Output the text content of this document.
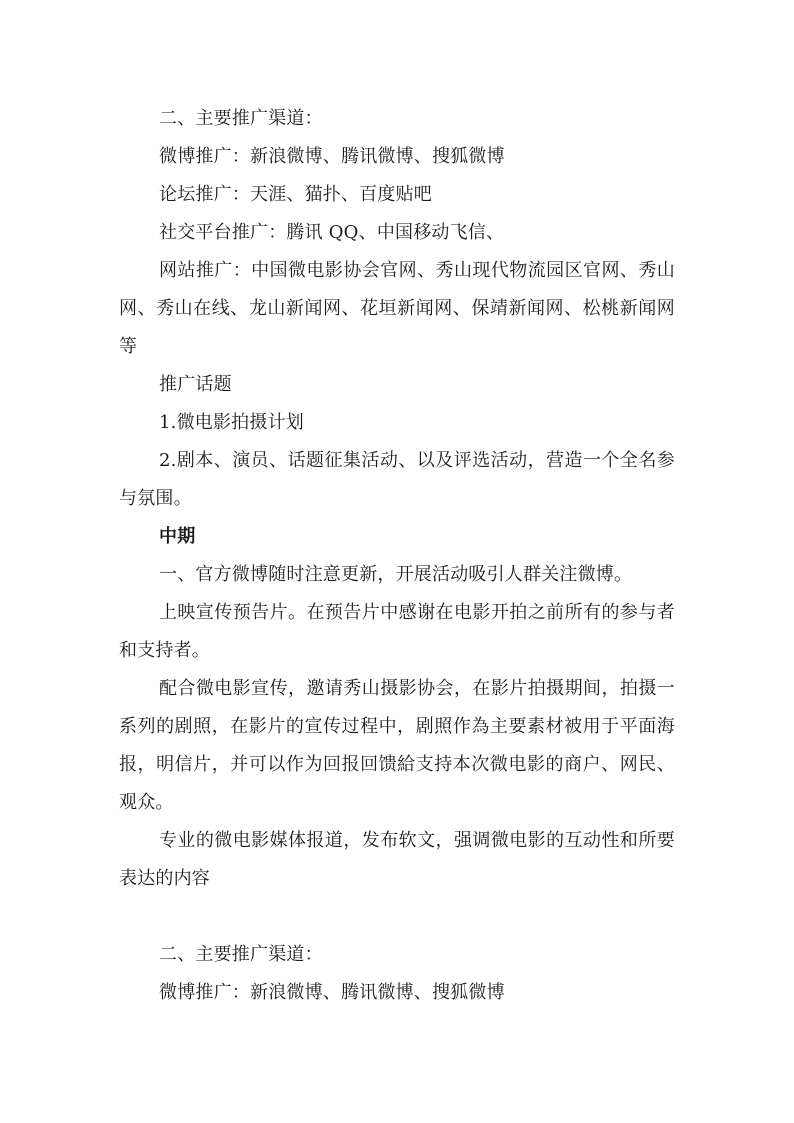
二、主要推广渠道：

微博推广：新浪微博、腾讯微博、搜狐微博

论坛推广：天涯、猫扑、百度贴吧

社交平台推广：腾讯 QQ、中国移动飞信、

网站推广：中国微电影协会官网、秀山现代物流园区官网、秀山网、秀山在线、龙山新闻网、花垣新闻网、保靖新闻网、松桃新闻网等

推广话题

1.微电影拍摄计划

2.剧本、演员、话题征集活动、以及评选活动，营造一个全名参与氛围。

中期

一、官方微博随时注意更新，开展活动吸引人群关注微博。

上映宣传预告片。在预告片中感谢在电影开拍之前所有的参与者和支持者。

配合微电影宣传，邀请秀山摄影协会，在影片拍摄期间，拍摄一系列的剧照，在影片的宣传过程中，剧照作為主要素材被用于平面海报，明信片，并可以作为回报回馈給支持本次微电影的商户、网民、观众。

专业的微电影媒体报道，发布软文，强调微电影的互动性和所要表达的内容

二、主要推广渠道：

微博推广：新浪微博、腾讯微博、搜狐微博
